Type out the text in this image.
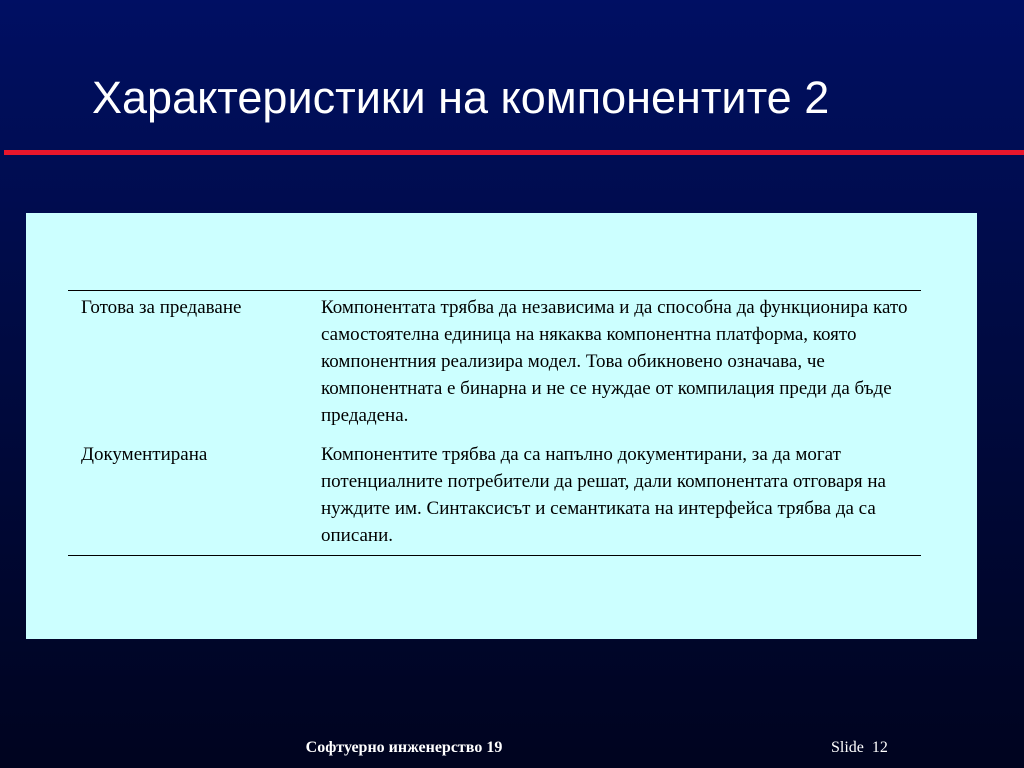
Характеристики на компонентите 2
Готова за предаване	Компонентата трябва да независима и да способна да функционира като самостоятелна единица на някаква компонентна платформа, която компонентния реализира модел. Това обикновено означава, че компонентната е бинарна и не се нуждае от компилация преди да бъде предадена.
Документирана	Компонентите трябва да са напълно документирани, за да могат потенциалните потребители да решат, дали компонентата отговаря на нуждите им. Синтаксисът и семантиката на интерфейса трябва да са описани.
Софтуерно инженерство 19	Slide 12
